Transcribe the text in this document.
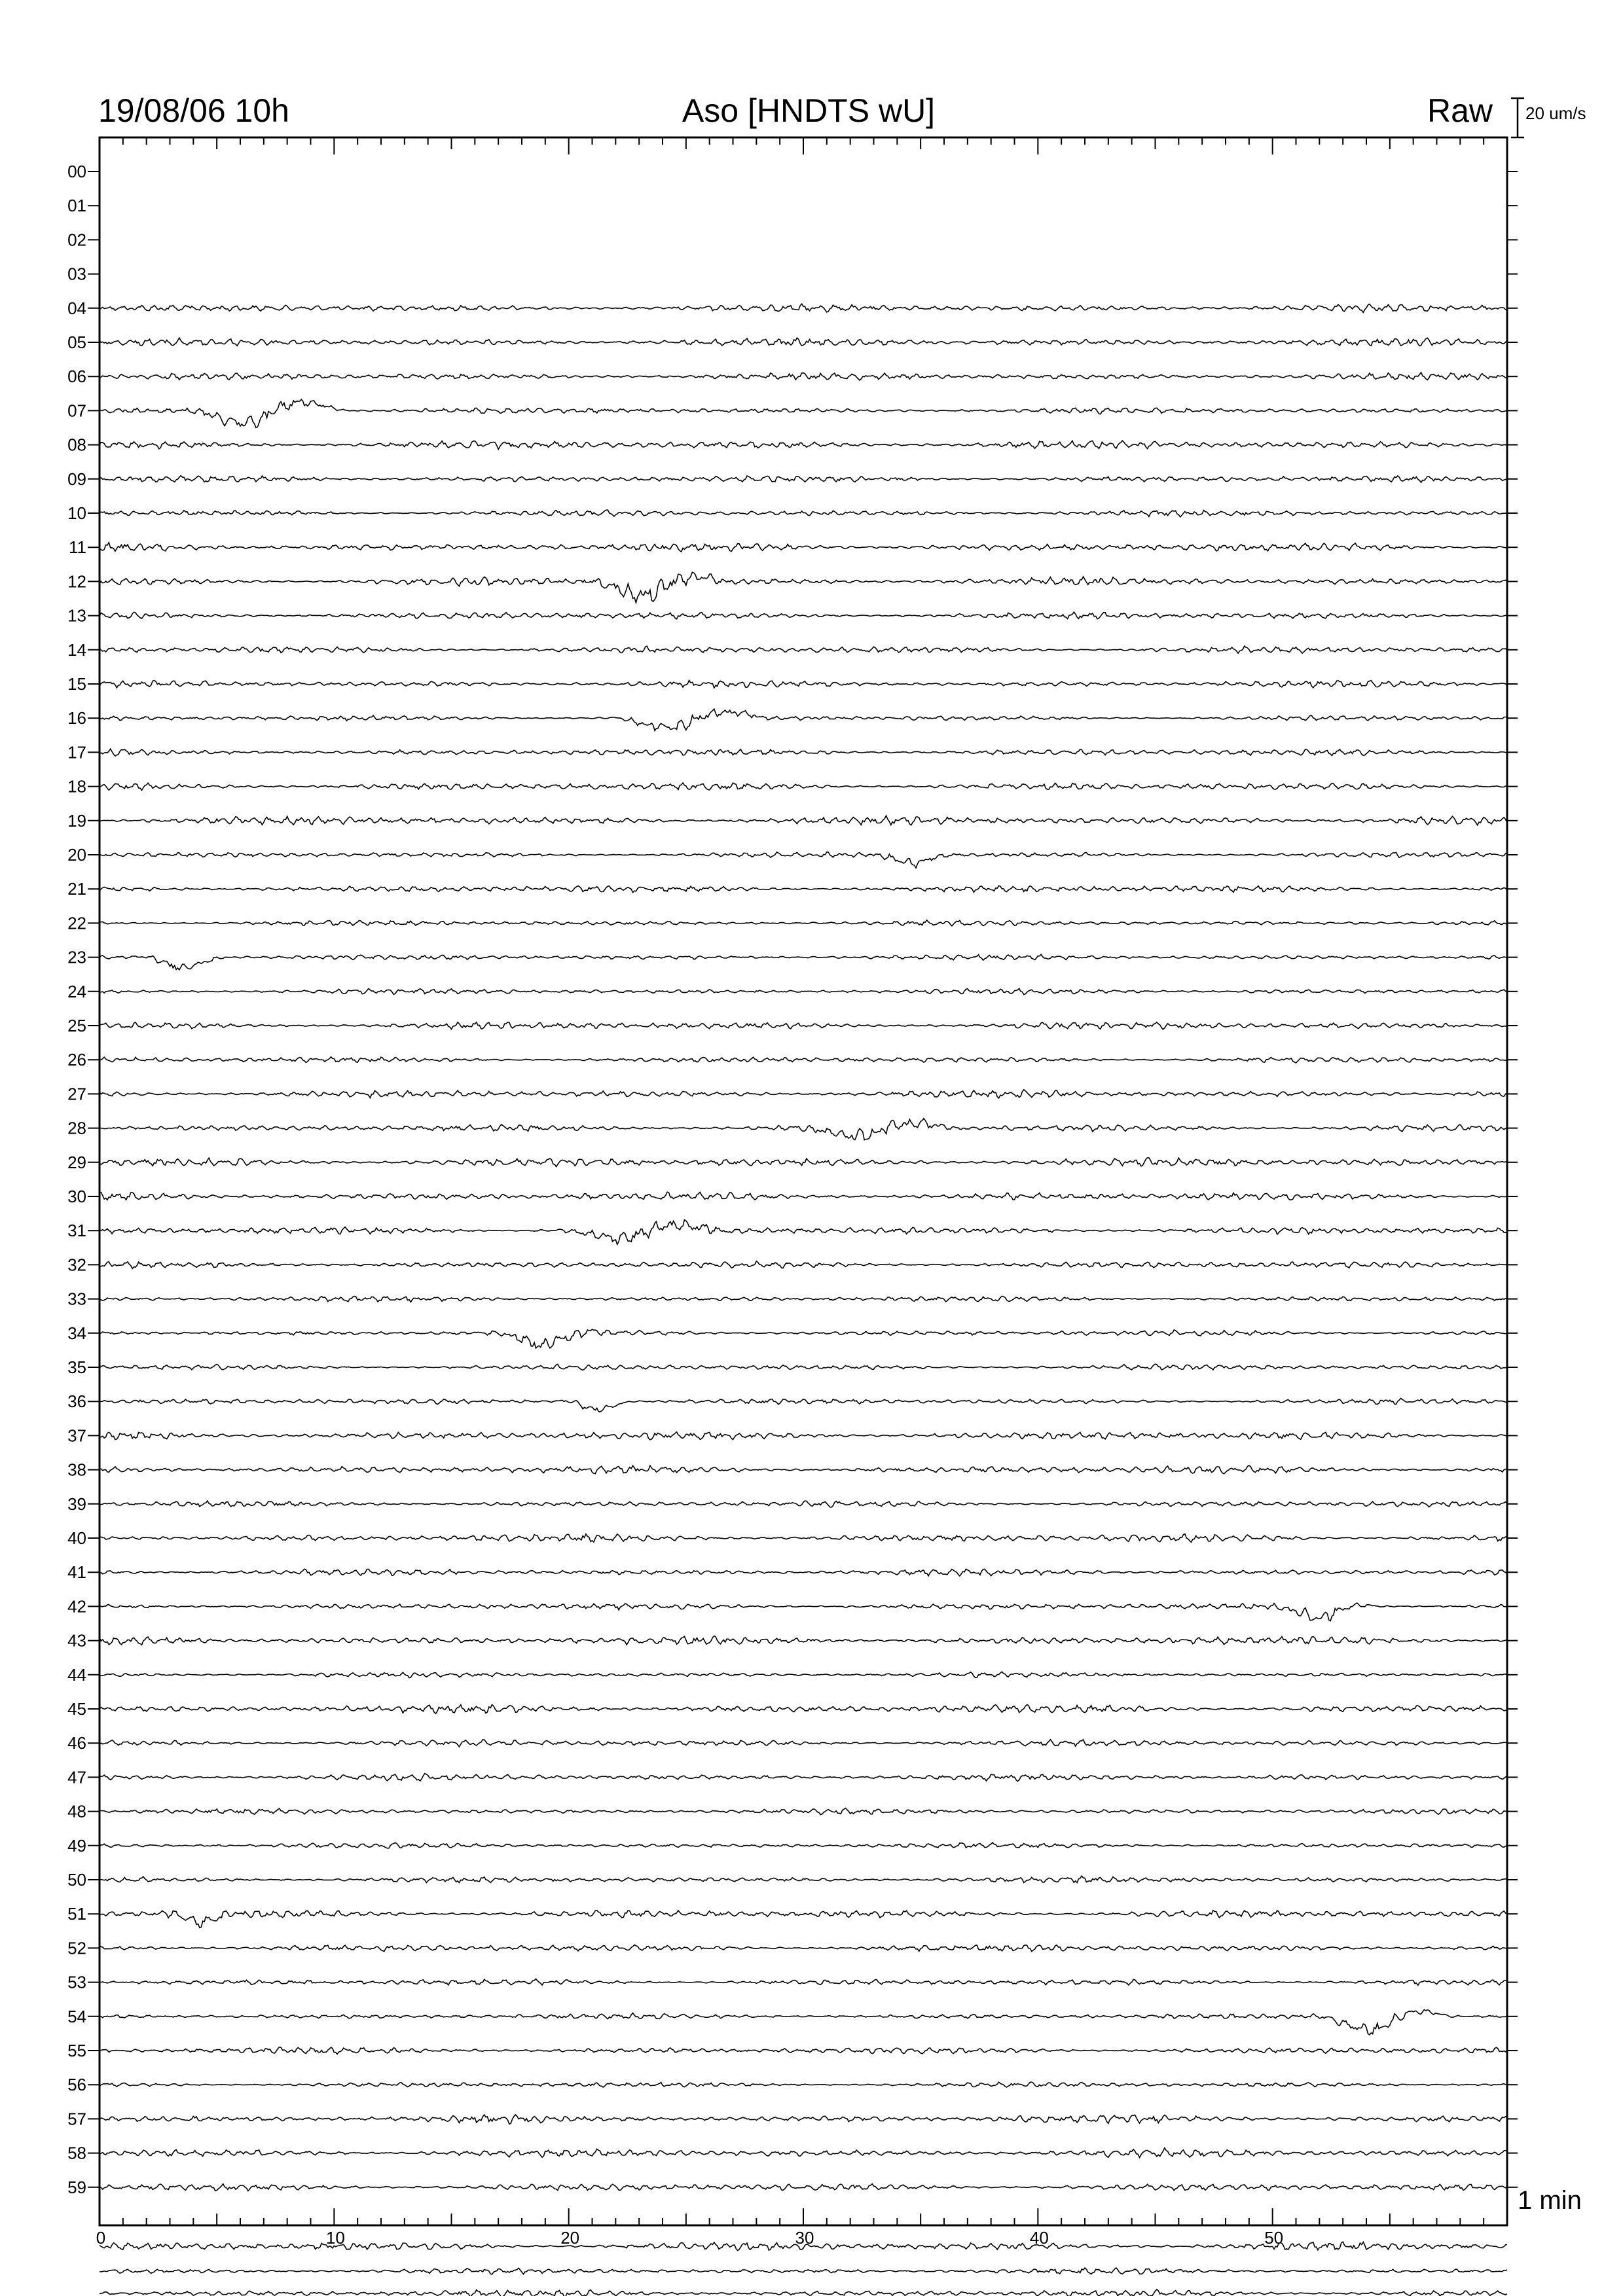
19/08/06 10h	Aso [HNDTS wU]	Raw 20 um/s
1 min
00
01
02
03
04
05
06
07
08
09
10
11
12
13
14
15
16
17
18
19
20
21
22
23
24
25
26
27
28
29
30
31
32
33
34
35
36
37
38
39
40
41
42
43
44
45
46
47
48
49
50
51
52
53
54
55
56
57
58
59
0	10	20	30	40	50
